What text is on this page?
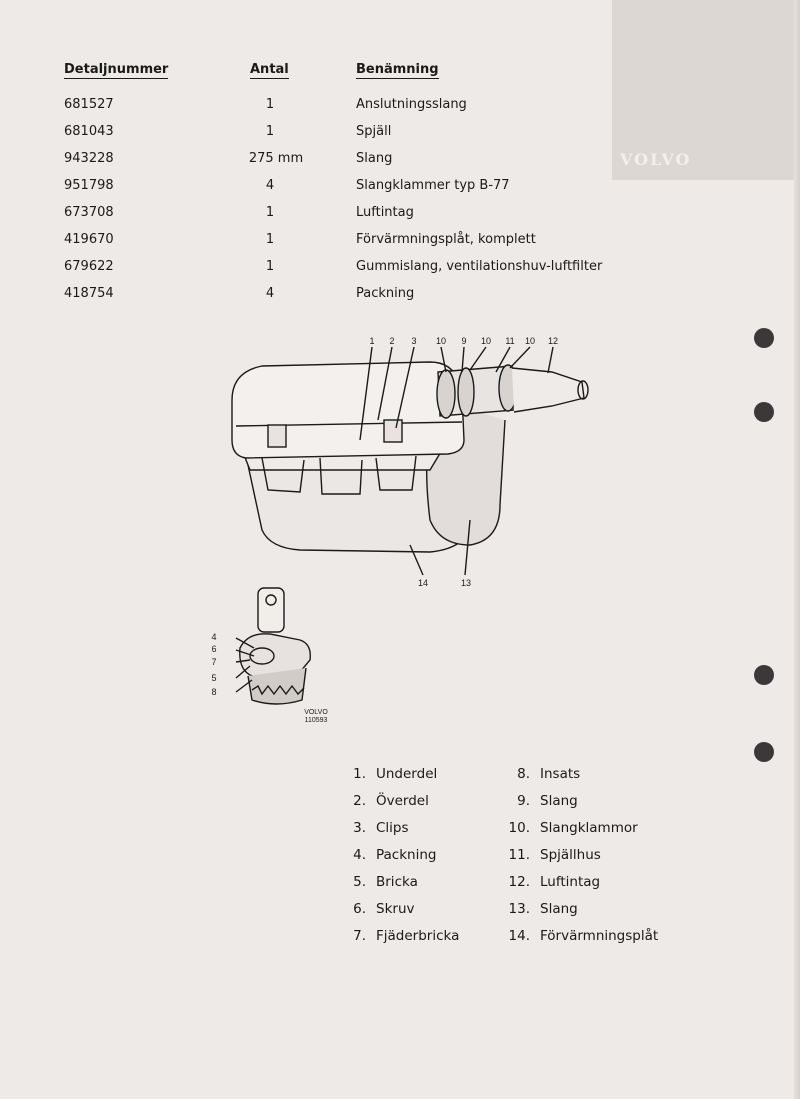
VOLVO
Detaljnummer	Antal	Benämning
681527	1	Anslutningsslang
681043	1	Spjäll
943228	275 mm	Slang
951798	4	Slangklammer typ B-77
673708	1	Luftintag
419670	1	Förvärmningsplåt, komplett
679622	1	Gummislang, ventilationshuv-luftfilter
418754	4	Packning
1 2 3 10 9 10 11 10 12
14	13
4
6
7
5
8
VOLVO
110593
1. Underdel
2. Överdel
3. Clips
4. Packning
5. Bricka
6. Skruv
7. Fjäderbricka
8. Insats
9. Slang
10. Slangklammor
11. Spjällhus
12. Luftintag
13. Slang
14. Förvärmningsplåt
